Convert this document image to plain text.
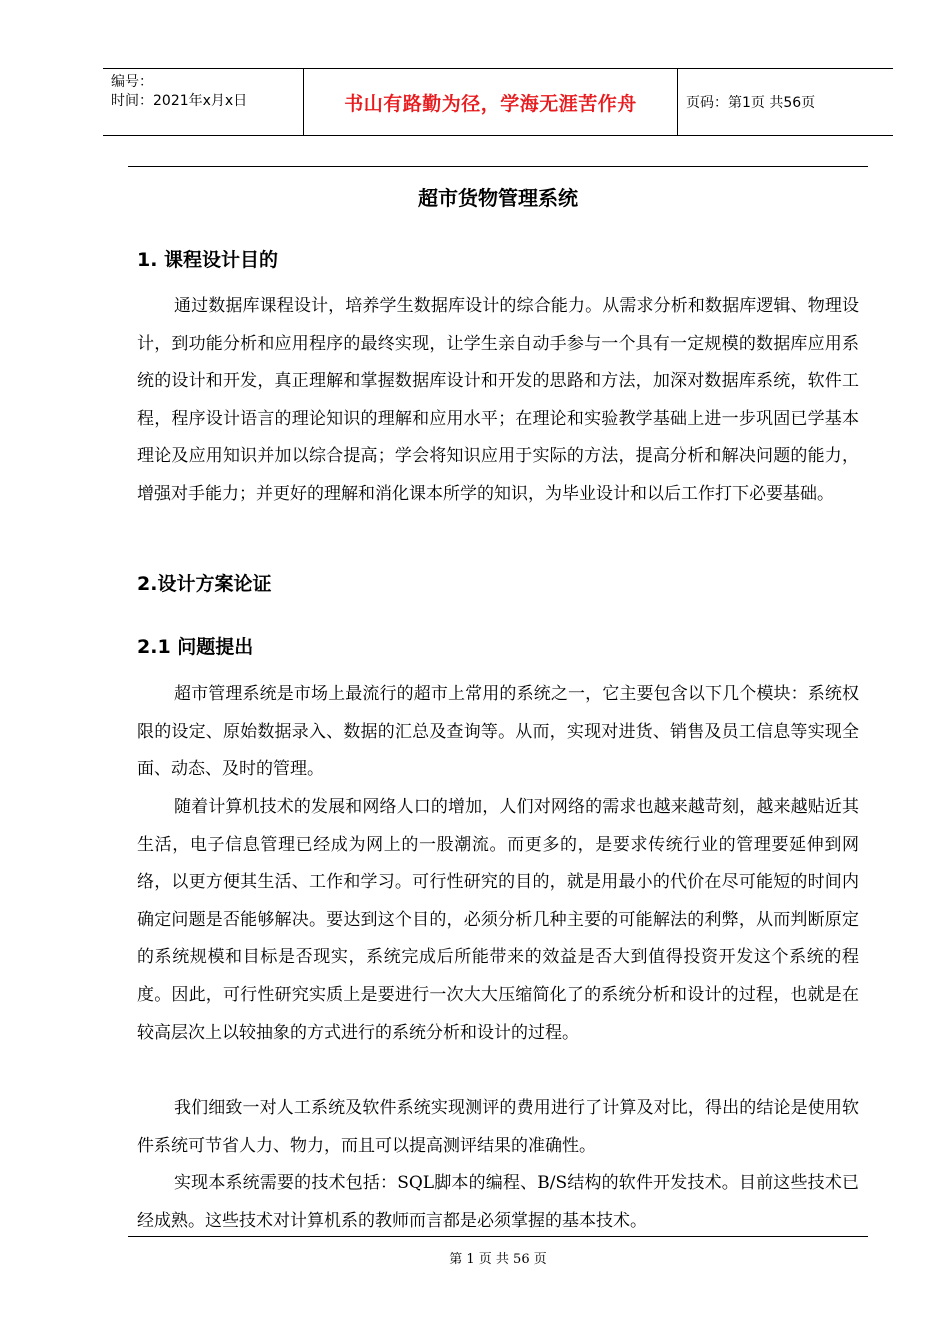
编号：
时间：2021年x月x日	书山有路勤为径，学海无涯苦作舟	页码：第1页 共56页
超市货物管理系统
1. 课程设计目的

通过数据库课程设计，培养学生数据库设计的综合能力。从需求分析和数据库逻辑、物理设计，到功能分析和应用程序的最终实现，让学生亲自动手参与一个具有一定规模的数据库应用系统的设计和开发，真正理解和掌握数据库设计和开发的思路和方法，加深对数据库系统，软件工程，程序设计语言的理论知识的理解和应用水平；在理论和实验教学基础上进一步巩固已学基本理论及应用知识并加以综合提高；学会将知识应用于实际的方法，提高分析和解决问题的能力，增强对手能力；并更好的理解和消化课本所学的知识，为毕业设计和以后工作打下必要基础。

2.设计方案论证
2.1 问题提出

超市管理系统是市场上最流行的超市上常用的系统之一，它主要包含以下几个模块：系统权限的设定、原始数据录入、数据的汇总及查询等。从而，实现对进货、销售及员工信息等实现全面、动态、及时的管理。

随着计算机技术的发展和网络人口的增加，人们对网络的需求也越来越苛刻，越来越贴近其生活，电子信息管理已经成为网上的一股潮流。而更多的，是要求传统行业的管理要延伸到网络，以更方便其生活、工作和学习。可行性研究的目的，就是用最小的代价在尽可能短的时间内确定问题是否能够解决。要达到这个目的，必须分析几种主要的可能解法的利弊，从而判断原定的系统规模和目标是否现实，系统完成后所能带来的效益是否大到值得投资开发这个系统的程度。因此，可行性研究实质上是要进行一次大大压缩简化了的系统分析和设计的过程，也就是在较高层次上以较抽象的方式进行的系统分析和设计的过程。

我们细致一对人工系统及软件系统实现测评的费用进行了计算及对比，得出的结论是使用软件系统可节省人力、物力，而且可以提高测评结果的准确性。

实现本系统需要的技术包括：SQL脚本的编程、B/S结构的软件开发技术。目前这些技术已经成熟。这些技术对计算机系的教师而言都是必须掌握的基本技术。

第 1 页 共 56 页
